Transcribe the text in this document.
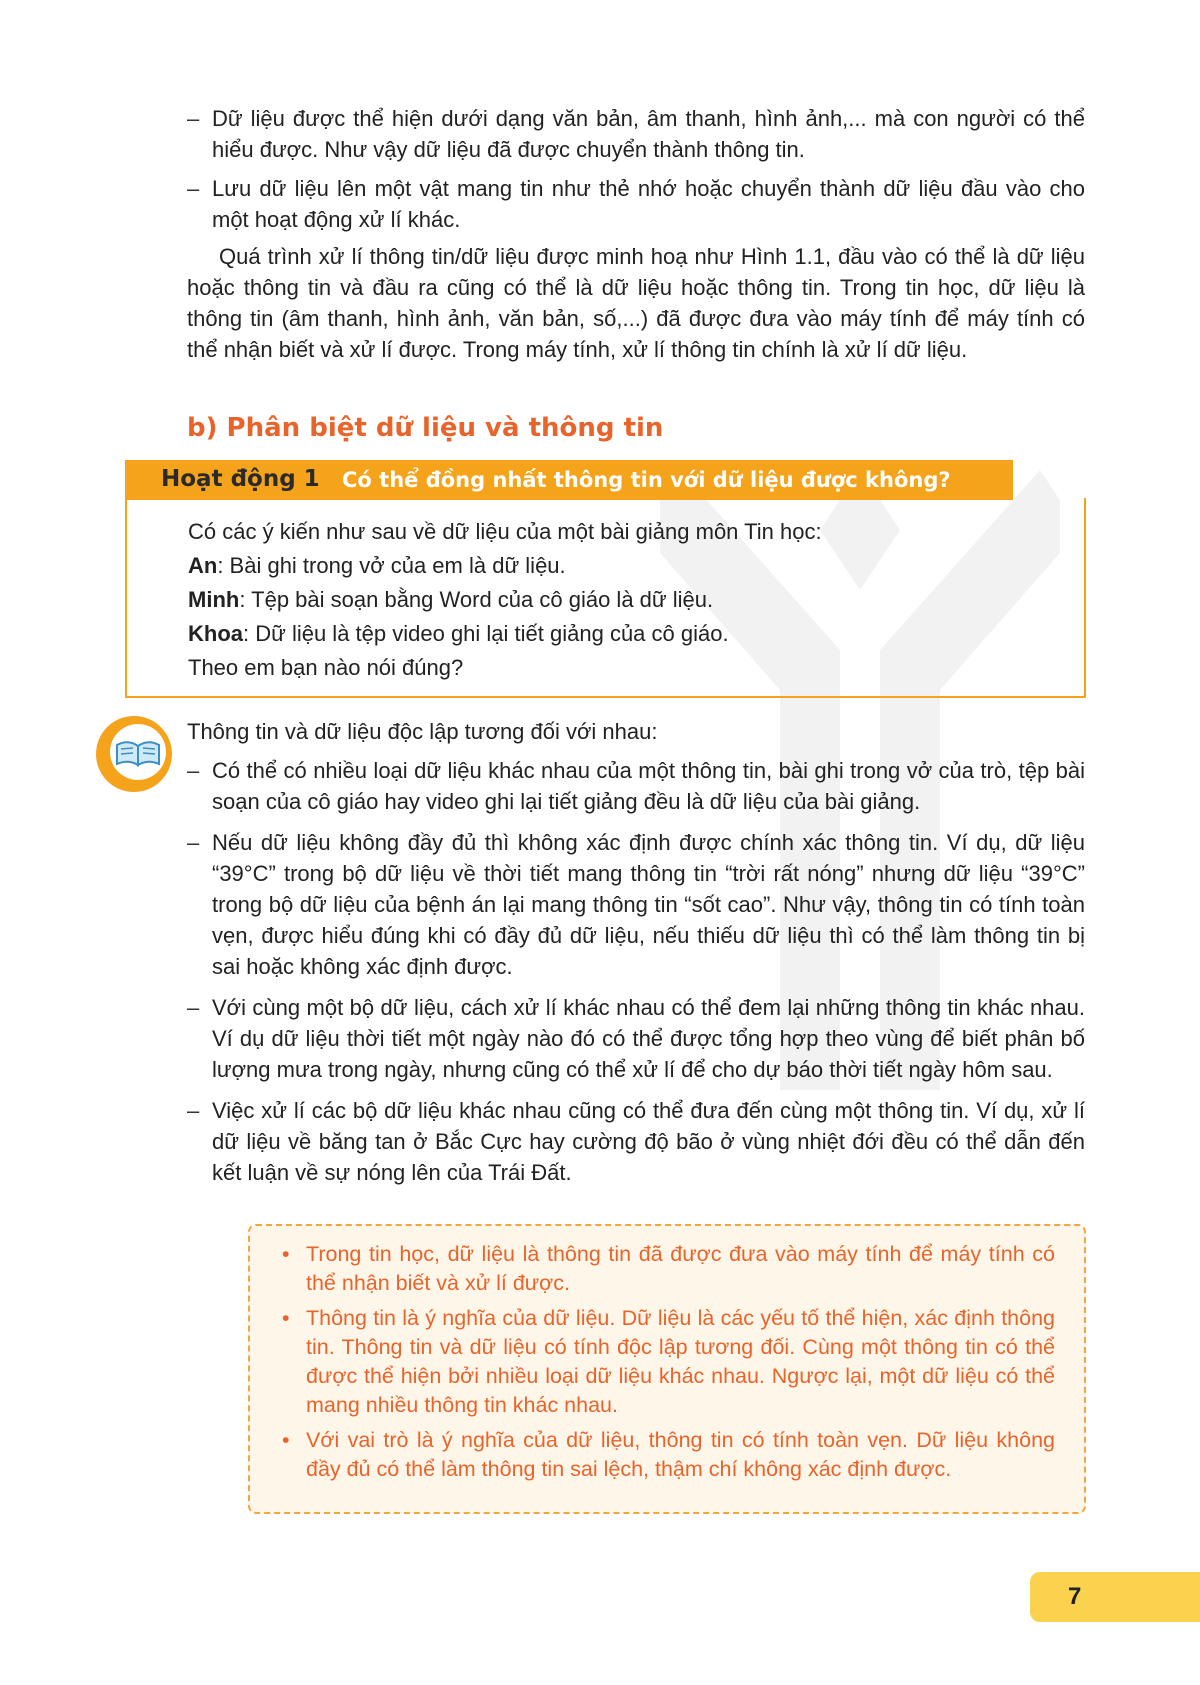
– Dữ liệu được thể hiện dưới dạng văn bản, âm thanh, hình ảnh,... mà con người có thể hiểu được. Như vậy dữ liệu đã được chuyển thành thông tin.
– Lưu dữ liệu lên một vật mang tin như thẻ nhớ hoặc chuyển thành dữ liệu đầu vào cho một hoạt động xử lí khác.

Quá trình xử lí thông tin/dữ liệu được minh hoạ như Hình 1.1, đầu vào có thể là dữ liệu hoặc thông tin và đầu ra cũng có thể là dữ liệu hoặc thông tin. Trong tin học, dữ liệu là thông tin (âm thanh, hình ảnh, văn bản, số,...) đã được đưa vào máy tính để máy tính có thể nhận biết và xử lí được. Trong máy tính, xử lí thông tin chính là xử lí dữ liệu.

b) Phân biệt dữ liệu và thông tin
Hoạt động 1 Có thể đồng nhất thông tin với dữ liệu được không?
Có các ý kiến như sau về dữ liệu của một bài giảng môn Tin học:
An: Bài ghi trong vở của em là dữ liệu.
Minh: Tệp bài soạn bằng Word của cô giáo là dữ liệu.
Khoa: Dữ liệu là tệp video ghi lại tiết giảng của cô giáo.
Theo em bạn nào nói đúng?

Thông tin và dữ liệu độc lập tương đối với nhau:

– Có thể có nhiều loại dữ liệu khác nhau của một thông tin, bài ghi trong vở của trò, tệp bài soạn của cô giáo hay video ghi lại tiết giảng đều là dữ liệu của bài giảng.
– Nếu dữ liệu không đầy đủ thì không xác định được chính xác thông tin. Ví dụ, dữ liệu “39°C” trong bộ dữ liệu về thời tiết mang thông tin “trời rất nóng” nhưng dữ liệu “39°C” trong bộ dữ liệu của bệnh án lại mang thông tin “sốt cao”. Như vậy, thông tin có tính toàn vẹn, được hiểu đúng khi có đầy đủ dữ liệu, nếu thiếu dữ liệu thì có thể làm thông tin bị sai hoặc không xác định được.
– Với cùng một bộ dữ liệu, cách xử lí khác nhau có thể đem lại những thông tin khác nhau. Ví dụ dữ liệu thời tiết một ngày nào đó có thể được tổng hợp theo vùng để biết phân bố lượng mưa trong ngày, nhưng cũng có thể xử lí để cho dự báo thời tiết ngày hôm sau.
– Việc xử lí các bộ dữ liệu khác nhau cũng có thể đưa đến cùng một thông tin. Ví dụ, xử lí dữ liệu về băng tan ở Bắc Cực hay cường độ bão ở vùng nhiệt đới đều có thể dẫn đến kết luận về sự nóng lên của Trái Đất.
• Trong tin học, dữ liệu là thông tin đã được đưa vào máy tính để máy tính có thể nhận biết và xử lí được.
• Thông tin là ý nghĩa của dữ liệu. Dữ liệu là các yếu tố thể hiện, xác định thông tin. Thông tin và dữ liệu có tính độc lập tương đối. Cùng một thông tin có thể được thể hiện bởi nhiều loại dữ liệu khác nhau. Ngược lại, một dữ liệu có thể mang nhiều thông tin khác nhau.
• Với vai trò là ý nghĩa của dữ liệu, thông tin có tính toàn vẹn. Dữ liệu không đầy đủ có thể làm thông tin sai lệch, thậm chí không xác định được.
7
